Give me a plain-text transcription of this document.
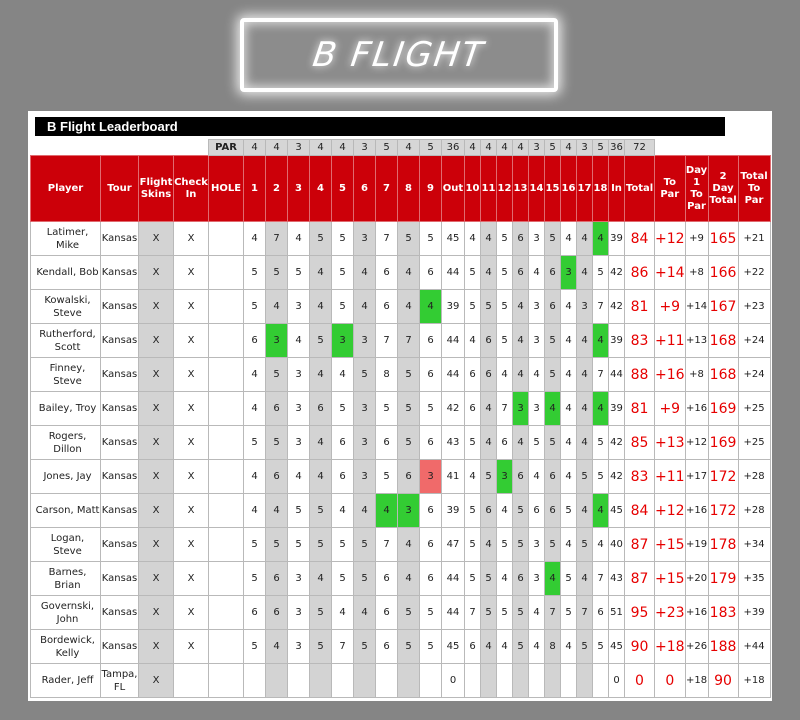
B FLIGHT
B Flight Leaderboard
				PAR	4	4	3	4	4	3	5	4	5	36	4	4	4	4	3	5	4	3	5	36	72				
Player	Tour	Flight Skins	Check In	HOLE	1	2	3	4	5	6	7	8	9	Out	10	11	12	13	14	15	16	17	18	In	Total	To Par	Day 1 To Par	2 Day Total	Total To Par
Latimer, Mike	Kansas	X	X		4	7	4	5	5	3	7	5	5	45	4	4	5	6	3	5	4	4	4	39	84	+12	+9	165	+21
Kendall, Bob	Kansas	X	X		5	5	5	4	5	4	6	4	6	44	5	4	5	6	4	6	3	4	5	42	86	+14	+8	166	+22
Kowalski, Steve	Kansas	X	X		5	4	3	4	5	4	6	4	4	39	5	5	5	4	3	6	4	3	7	42	81	+9	+14	167	+23
Rutherford, Scott	Kansas	X	X		6	3	4	5	3	3	7	7	6	44	4	6	5	4	3	5	4	4	4	39	83	+11	+13	168	+24
Finney, Steve	Kansas	X	X		4	5	3	4	4	5	8	5	6	44	6	6	4	4	4	5	4	4	7	44	88	+16	+8	168	+24
Bailey, Troy	Kansas	X	X		4	6	3	6	5	3	5	5	5	42	6	4	7	3	3	4	4	4	4	39	81	+9	+16	169	+25
Rogers, Dillon	Kansas	X	X		5	5	3	4	6	3	6	5	6	43	5	4	6	4	5	5	4	4	5	42	85	+13	+12	169	+25
Jones, Jay	Kansas	X	X		4	6	4	4	6	3	5	6	3	41	4	5	3	6	4	6	4	5	5	42	83	+11	+17	172	+28
Carson, Matt	Kansas	X	X		4	4	5	5	4	4	4	3	6	39	5	6	4	5	6	6	5	4	4	45	84	+12	+16	172	+28
Logan, Steve	Kansas	X	X		5	5	5	5	5	5	7	4	6	47	5	4	5	5	3	5	4	5	4	40	87	+15	+19	178	+34
Barnes, Brian	Kansas	X	X		5	6	3	4	5	5	6	4	6	44	5	5	4	6	3	4	5	4	7	43	87	+15	+20	179	+35
Governski, John	Kansas	X	X		6	6	3	5	4	4	6	5	5	44	7	5	5	5	4	7	5	7	6	51	95	+23	+16	183	+39
Bordewick, Kelly	Kansas	X	X		5	4	3	5	7	5	6	5	5	45	6	4	4	5	4	8	4	5	5	45	90	+18	+26	188	+44
Rader, Jeff	Tampa, FL	X												0										0	0	0	+18	90	+18
